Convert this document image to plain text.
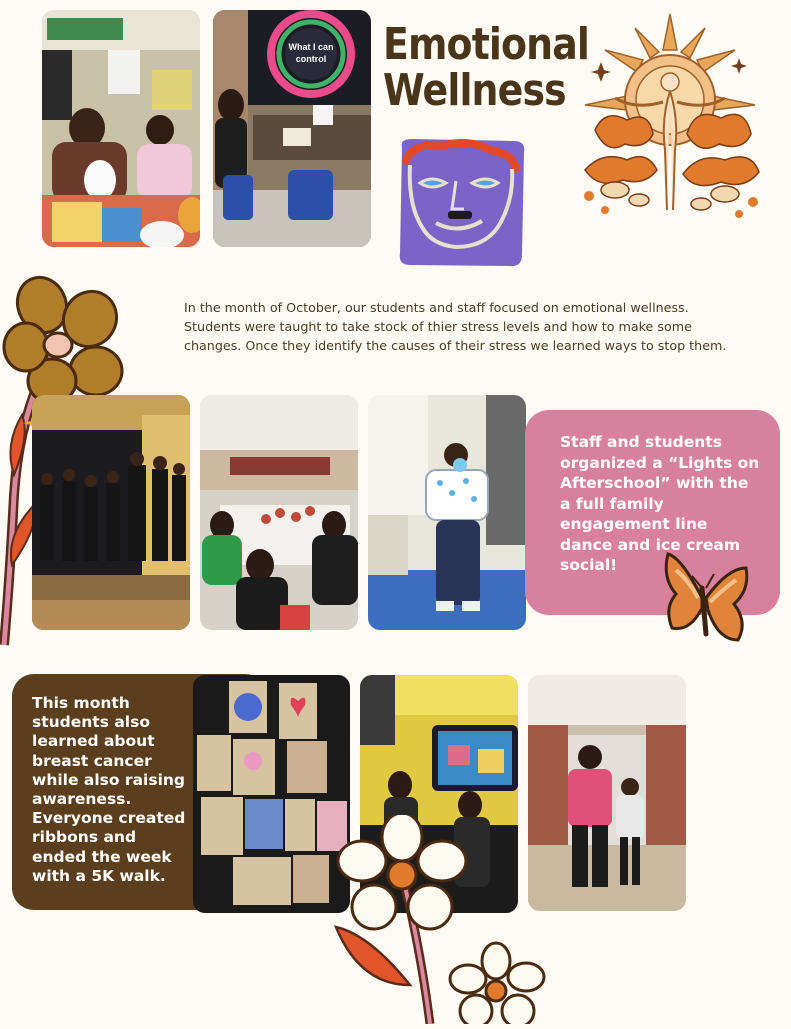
What I can
control Emotional
Wellness
In the month of October, our students and staff focused on emotional wellness. Students were taught to take stock of thier stress levels and how to make some changes. Once they identify the causes of their stress we learned ways to stop them.
Staff and students organized a “Lights on Afterschool” with the a full family engagement line dance and ice cream social!
This month students also learned about breast cancer while also raising awareness. Everyone created ribbons and ended the week with a 5K walk.
